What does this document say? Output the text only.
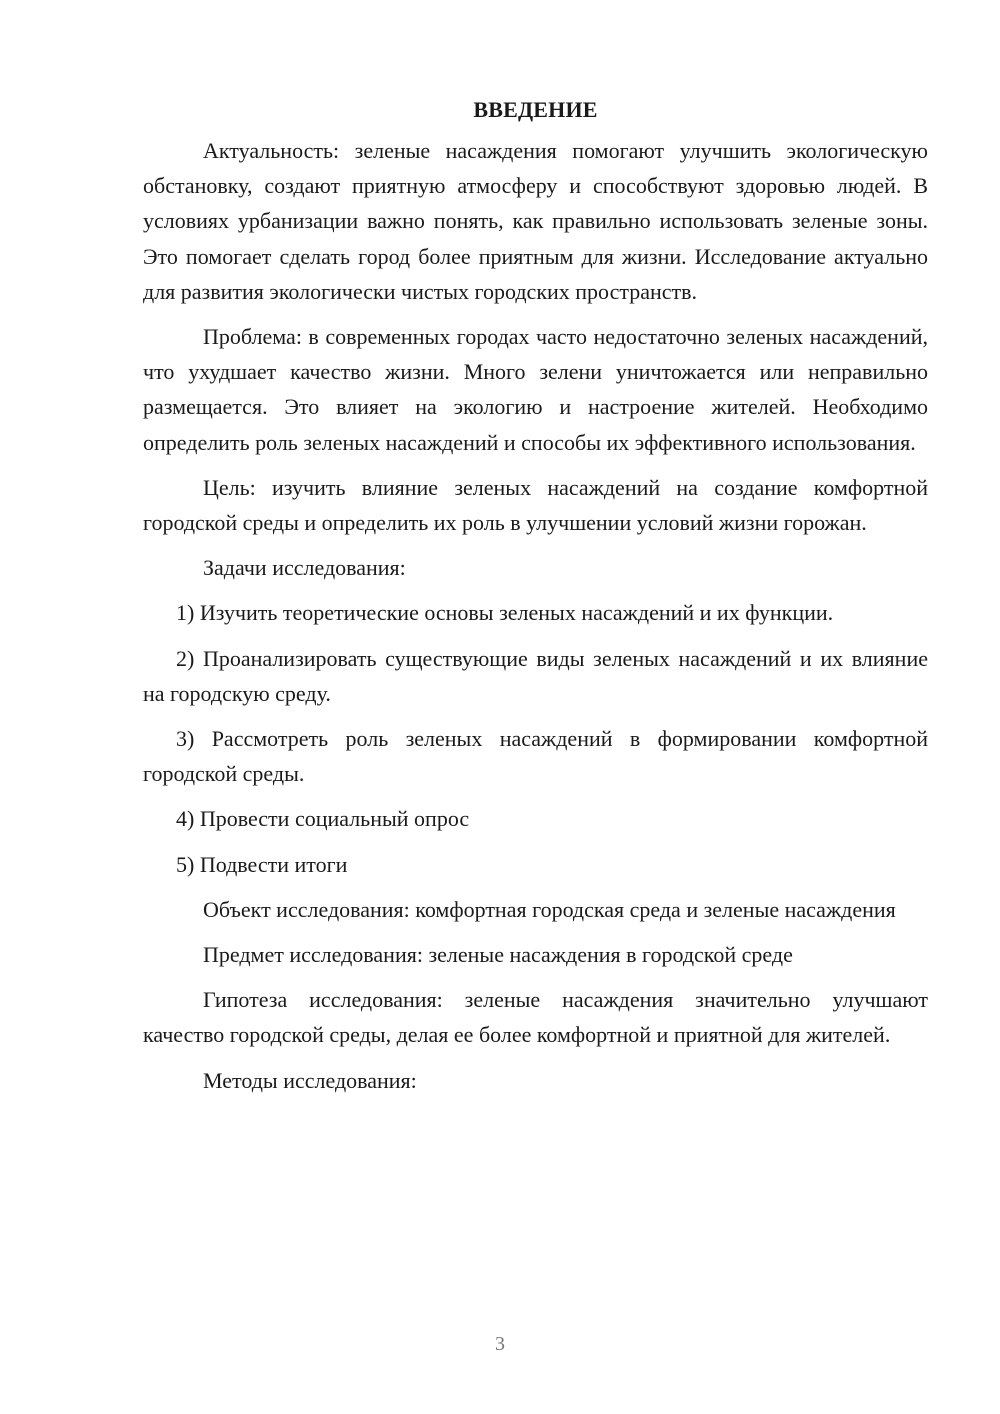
ВВЕДЕНИЕ

Актуальность: зеленые насаждения помогают улучшить экологическую обстановку, создают приятную атмосферу и способствуют здоровью людей. В условиях урбанизации важно понять, как правильно использовать зеленые зоны. Это помогает сделать город более приятным для жизни. Исследование актуально для развития экологически чистых городских пространств.

Проблема: в современных городах часто недостаточно зеленых насаждений, что ухудшает качество жизни. Много зелени уничтожается или неправильно размещается. Это влияет на экологию и настроение жителей. Необходимо определить роль зеленых насаждений и способы их эффективного использования.

Цель: изучить влияние зеленых насаждений на создание комфортной городской среды и определить их роль в улучшении условий жизни горожан.

Задачи исследования:

1) Изучить теоретические основы зеленых насаждений и их функции.

2) Проанализировать существующие виды зеленых насаждений и их влияние на городскую среду.

3) Рассмотреть роль зеленых насаждений в формировании комфортной городской среды.

4) Провести социальный опрос

5) Подвести итоги

Объект исследования: комфортная городская среда и зеленые насаждения

Предмет исследования: зеленые насаждения в городской среде

Гипотеза исследования: зеленые насаждения значительно улучшают качество городской среды, делая ее более комфортной и приятной для жителей.

Методы исследования:

3
